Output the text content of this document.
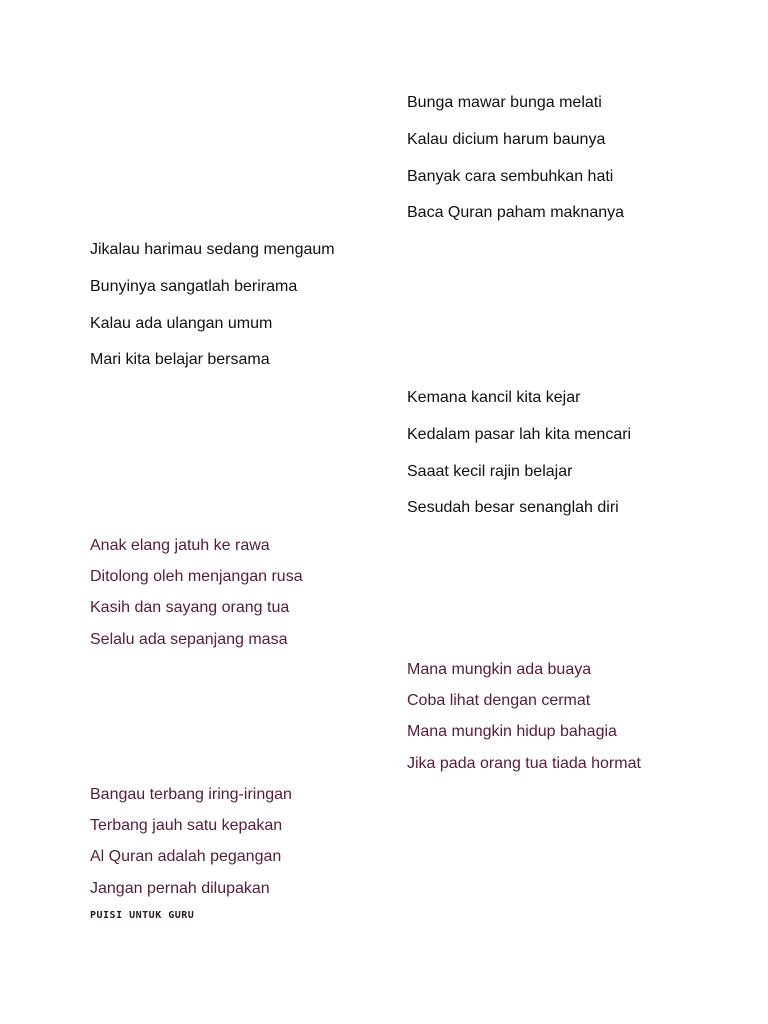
Bunga mawar bunga melati
Kalau dicium harum baunya
Banyak cara sembuhkan hati
Baca Quran paham maknanya
Jikalau harimau sedang mengaum
Bunyinya sangatlah berirama
Kalau ada ulangan umum
Mari kita belajar bersama
Kemana kancil kita kejar
Kedalam pasar lah kita mencari
Saaat kecil rajin belajar
Sesudah besar senanglah diri
Anak elang jatuh ke rawa
Ditolong oleh menjangan rusa
Kasih dan sayang orang tua
Selalu ada sepanjang masa
Mana mungkin ada buaya
Coba lihat dengan cermat
Mana mungkin hidup bahagia
Jika pada orang tua tiada hormat
Bangau terbang iring-iringan
Terbang jauh satu kepakan
Al Quran adalah pegangan
Jangan pernah dilupakan
PUISI UNTUK GURU
